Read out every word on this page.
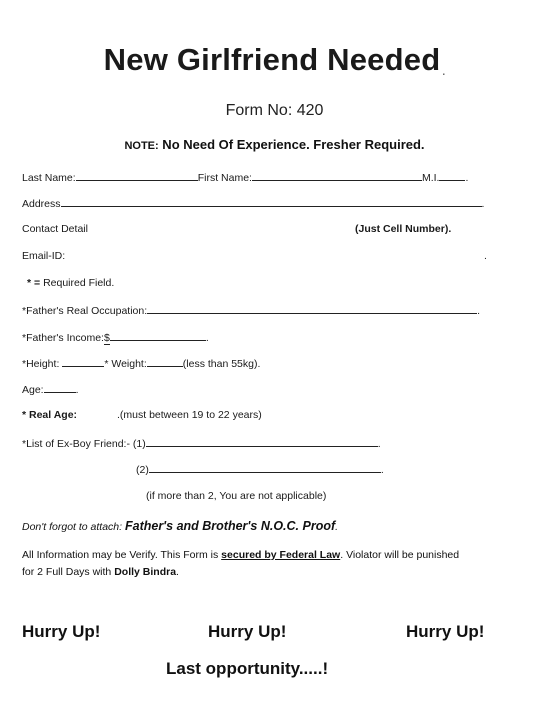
New Girlfriend Needed .
Form No: 420
NOTE: No Need Of Experience. Fresher Required.
Last Name:	First Name:	M.I. .
Address	.
Contact Detail	(Just Cell Number).
Email-ID:	.
* = Required Field.
*Father's Real Occupation:	.
*Father's Income:$	.
*Height:	* Weight:	(less than 55kg).
Age:	.
* Real Age:	.(must between 19 to 22 years)
*List of Ex-Boy Friend:- (1)	.
(2)	.
(if more than 2, You are not applicable)
Don't forgot to attach: Father's and Brother's N.O.C. Proof.
All Information may be Verify. This Form is secured by Federal Law. Violator will be punished
for 2 Full Days with Dolly Bindra.
Hurry Up!	Hurry Up!	Hurry Up!
Last opportunity.....!
